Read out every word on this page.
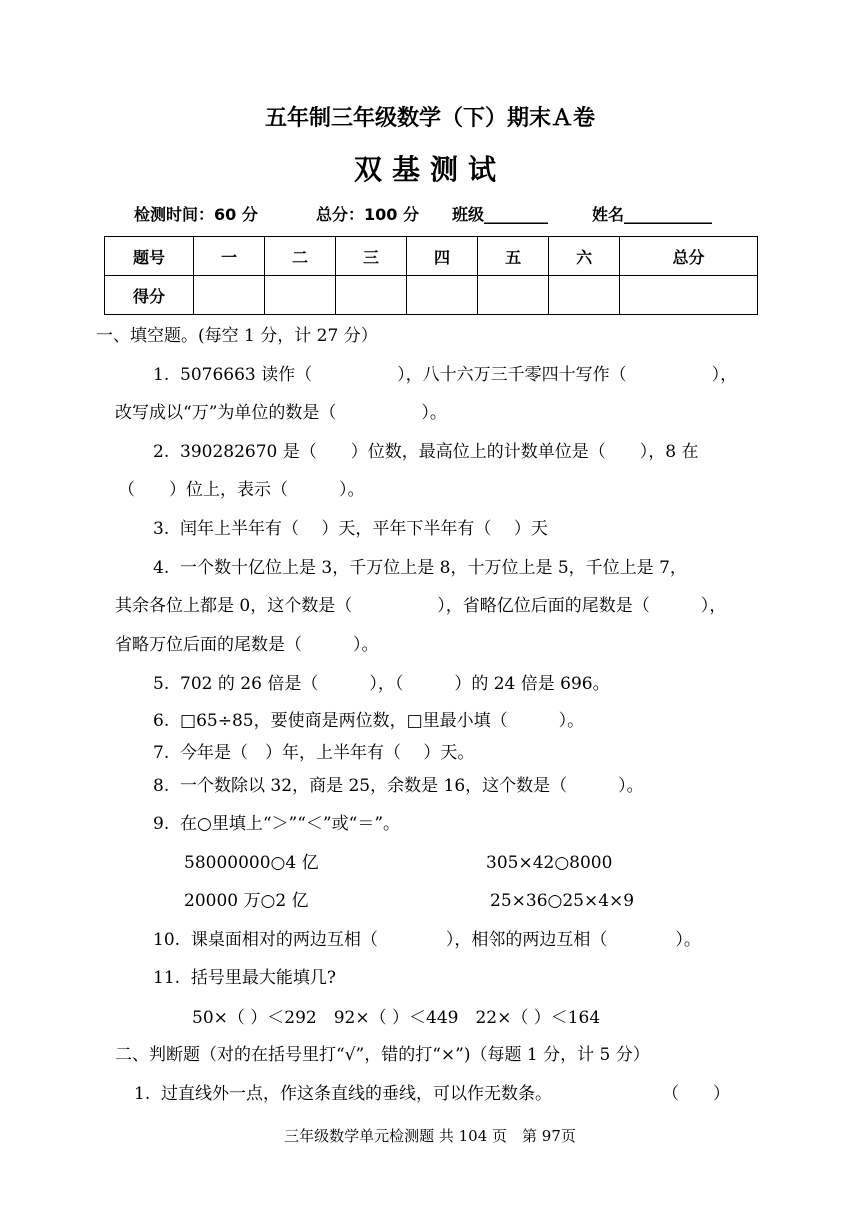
五年制三年级数学（下）期末Ａ卷
双基测试
检测时间：60 分	总分：100 分 班级________	姓名___________
题号	一	二	三	四	五	六	总分
得分							
一、填空题。(每空 1 分，计 27 分）
1.  5076663 读作（　　　　　），八十六万三千零四十写作（　　　　　），
改写成以“万”为单位的数是（　　　　　）。
2.  390282670 是（　　）位数，最高位上的计数单位是（　　），8 在
（　　）位上，表示（　　　）。
3.  闰年上半年有（　 ）天，平年下半年有（　 ）天
4.  一个数十亿位上是 3，千万位上是 8，十万位上是 5，千位上是 7，
其余各位上都是 0，这个数是（　　　　　），省略亿位后面的尾数是（　　　），
省略万位后面的尾数是（　　　）。
5.  702 的 26 倍是（　　　），（　　　）的 24 倍是 696。
6.  □65÷85，要使商是两位数，□里最小填（　　　）。
7.  今年是（　）年，上半年有（　 ）天。
8.  一个数除以 32，商是 25，余数是 16，这个数是（　　　）。
9.  在○里填上“＞”“＜”或“＝”。
58000000○4 亿	305×42○8000
20000 万○2 亿	25×36○25×4×9
10.  课桌面相对的两边互相（　　　　），相邻的两边互相（　　　　）。
11.  括号里最大能填几?
50×（ ）＜292　92×（ ）＜449　22×（ ）＜164
二、判断题（对的在括号里打“√”，错的打“×”)（每题 1 分，计 5 分）
1.  过直线外一点，作这条直线的垂线，可以作无数条。	（　　）
三年级数学单元检测题 共 104 页　第 97页
